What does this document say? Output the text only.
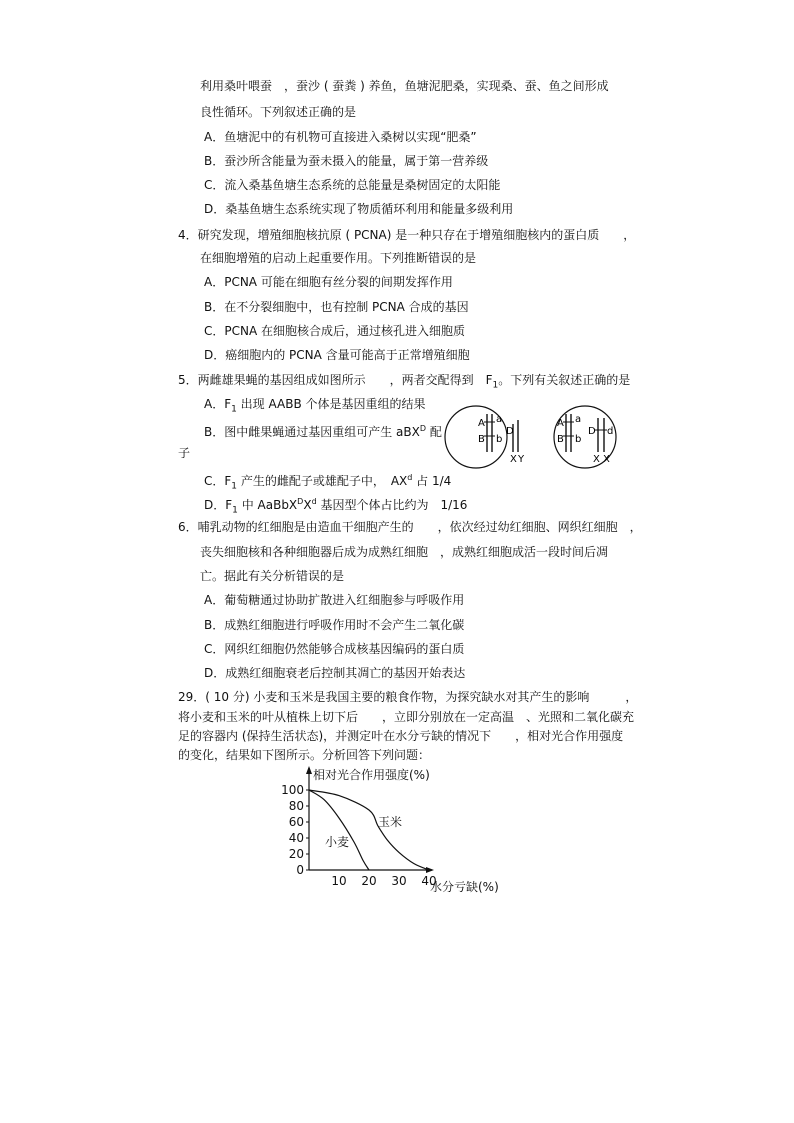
利用桑叶喂蚕　，蚕沙 ( 蚕粪 ) 养鱼，鱼塘泥肥桑，实现桑、蚕、鱼之间形成
良性循环。下列叙述正确的是
A．鱼塘泥中的有机物可直接进入桑树以实现“肥桑”
B．蚕沙所含能量为蚕未摄入的能量，属于第一营养级
C．流入桑基鱼塘生态系统的总能量是桑树固定的太阳能
D．桑基鱼塘生态系统实现了物质循环利用和能量多级利用
4．研究发现，增殖细胞核抗原 ( PCNA) 是一种只存在于增殖细胞核内的蛋白质　　，
在细胞增殖的启动上起重要作用。下列推断错误的是
A．PCNA 可能在细胞有丝分裂的间期发挥作用
B．在不分裂细胞中，也有控制 PCNA 合成的基因
C．PCNA 在细胞核合成后，通过核孔进入细胞质
D．癌细胞内的 PCNA 含量可能高于正常增殖细胞
5．两雌雄果蝇的基因组成如图所示　　，两者交配得到　$F_1$。下列有关叙述正确的是
A．$F_1$ 出现 AABB 个体是基因重组的结果
B．图中雌果蝇通过基因重组可产生 aBX$^D$ 配
子
C．$F_1$ 产生的雌配子或雄配子中，　$AX^d$ 占 1/4
D．$F_1$ 中 $AaBbX^DX^d$ 基因型个体占比约为　1/16
A a
B b
D
X Y
A a
B b
D d
X X
6．哺乳动物的红细胞是由造血干细胞产生的　　，依次经过幼红细胞、网织红细胞　，
丧失细胞核和各种细胞器后成为成熟红细胞　，成熟红细胞成活一段时间后凋
亡。据此有关分析错误的是
A．葡萄糖通过协助扩散进入红细胞参与呼吸作用
B．成熟红细胞进行呼吸作用时不会产生二氧化碳
C．网织红细胞仍然能够合成核基因编码的蛋白质
D．成熟红细胞衰老后控制其凋亡的基因开始表达
29．( 10 分) 小麦和玉米是我国主要的粮食作物，为探究缺水对其产生的影响　　　，
将小麦和玉米的叶从植株上切下后　　，立即分别放在一定高温　、光照和二氧化碳充
足的容器内 (保持生活状态)，并测定叶在水分亏缺的情况下　　，相对光合作用强度
的变化，结果如下图所示。分析回答下列问题：
100
80
60
40
20
0
10 20 30 40
相对光合作用强度(%)
水分亏缺(%)
小麦
玉米
